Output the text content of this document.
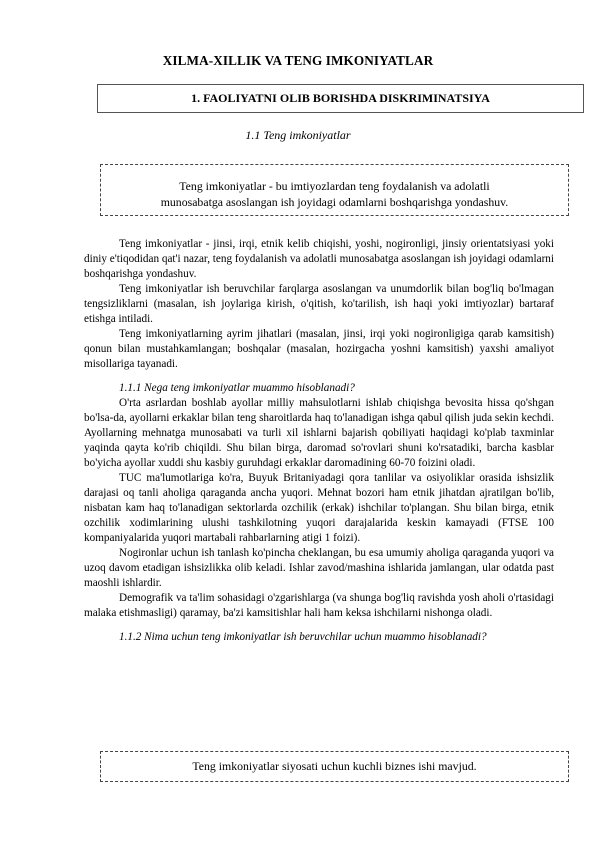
XILMA-XILLIK VA TENG IMKONIYATLAR
1. FAOLIYATNI OLIB BORISHDA DISKRIMINATSIYA
1.1 Teng imkoniyatlar
Teng imkoniyatlar - bu imtiyozlardan teng foydalanish va adolatli
munosabatga asoslangan ish joyidagi odamlarni boshqarishga yondashuv.

Teng imkoniyatlar - jinsi, irqi, etnik kelib chiqishi, yoshi, nogironligi, jinsiy orientatsiyasi yoki diniy e'tiqodidan qat'i nazar, teng foydalanish va adolatli munosabatga asoslangan ish joyidagi odamlarni boshqarishga yondashuv.

Teng imkoniyatlar ish beruvchilar farqlarga asoslangan va unumdorlik bilan bog'liq bo'lmagan tengsizliklarni (masalan, ish joylariga kirish, o'qitish, ko'tarilish, ish haqi yoki imtiyozlar) bartaraf etishga intiladi.

Teng imkoniyatlarning ayrim jihatlari (masalan, jinsi, irqi yoki nogironligiga qarab kamsitish) qonun bilan mustahkamlangan; boshqalar (masalan, hozirgacha yoshni kamsitish) yaxshi amaliyot misollariga tayanadi.

1.1.1 Nega teng imkoniyatlar muammo hisoblanadi?

O'rta asrlardan boshlab ayollar milliy mahsulotlarni ishlab chiqishga bevosita hissa qo'shgan bo'lsa-da, ayollarni erkaklar bilan teng sharoitlarda haq to'lanadigan ishga qabul qilish juda sekin kechdi. Ayollarning mehnatga munosabati va turli xil ishlarni bajarish qobiliyati haqidagi ko'plab taxminlar yaqinda qayta ko'rib chiqildi. Shu bilan birga, daromad so'rovlari shuni ko'rsatadiki, barcha kasblar bo'yicha ayollar xuddi shu kasbiy guruhdagi erkaklar daromadining 60-70 foizini oladi.

TUC ma'lumotlariga ko'ra, Buyuk Britaniyadagi qora tanlilar va osiyoliklar orasida ishsizlik darajasi oq tanli aholiga qaraganda ancha yuqori. Mehnat bozori ham etnik jihatdan ajratilgan bo'lib, nisbatan kam haq to'lanadigan sektorlarda ozchilik (erkak) ishchilar to'plangan. Shu bilan birga, etnik ozchilik xodimlarining ulushi tashkilotning yuqori darajalarida keskin kamayadi (FTSE 100 kompaniyalarida yuqori martabali rahbarlarning atigi 1 foizi).

Nogironlar uchun ish tanlash ko'pincha cheklangan, bu esa umumiy aholiga qaraganda yuqori va uzoq davom etadigan ishsizlikka olib keladi. Ishlar zavod/mashina ishlarida jamlangan, ular odatda past maoshli ishlardir.

Demografik va ta'lim sohasidagi o'zgarishlarga (va shunga bog'liq ravishda yosh aholi o'rtasidagi malaka etishmasligi) qaramay, ba'zi kamsitishlar hali ham keksa ishchilarni nishonga oladi.

1.1.2 Nima uchun teng imkoniyatlar ish beruvchilar uchun muammo hisoblanadi?

Teng imkoniyatlar siyosati uchun kuchli biznes ishi mavjud.
